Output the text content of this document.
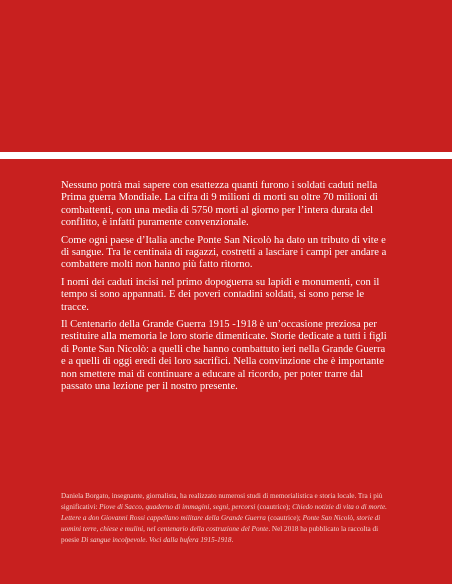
Nessuno potrà mai sapere con esattezza quanti furono i soldati caduti nella Prima guerra Mondiale. La cifra di 9 milioni di morti su oltre 70 milioni di combattenti, con una media di 5750 morti al giorno per l’intera durata del conflitto, è infatti puramente convenzionale.

Come ogni paese d’Italia anche Ponte San Nicolò ha dato un tributo di vite e di sangue. Tra le centinaia di ragazzi, costretti a lasciare i campi per andare a combattere molti non hanno più fatto ritorno.

I nomi dei caduti incisi nel primo dopoguerra su lapidi e monumenti, con il tempo si sono appannati. E dei poveri contadini soldati, si sono perse le tracce.

Il Centenario della Grande Guerra 1915 -1918 è un’occasione preziosa per restituire alla memoria le loro storie dimenticate. Storie dedicate a tutti i figli di Ponte San Nicolò: a quelli che hanno combattuto ieri nella Grande Guerra e a quelli di oggi eredi dei loro sacrifici. Nella convinzione che è importante non smettere mai di continuare a educare al ricordo, per poter trarre dal passato una lezione per il nostro presente.

Daniela Borgato, insegnante, giornalista, ha realizzato numerosi studi di memorialistica e storia locale. Tra i più significativi: Piove di Sacco, quaderno di immagini, segni, percorsi (coautrice); Chiedo notizie di vita o di morte. Lettere a don Giovanni Rossi cappellano militare della Grande Guerra (coautrice); Ponte San Nicolò, storie di uomini terre, chiese e mulini, nel centenario della costruzione del Ponte. Nel 2018 ha pubblicato la raccolta di poesie Di sangue incolpevole. Voci dalla bufera 1915-1918.
